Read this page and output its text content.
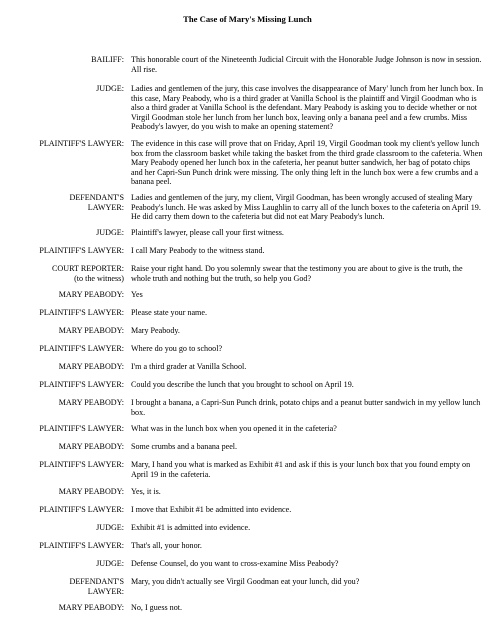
The Case of Mary's Missing Lunch
BAILIFF: This honorable court of the Nineteenth Judicial Circuit with the Honorable Judge Johnson is now in session. All rise.
JUDGE: Ladies and gentlemen of the jury, this case involves the disappearance of Mary' lunch from her lunch box. In this case, Mary Peabody, who is a third grader at Vanilla School is the plaintiff and Virgil Goodman who is also a third grader at Vanilla School is the defendant. Mary Peabody is asking you to decide whether or not Virgil Goodman stole her lunch from her lunch box, leaving only a banana peel and a few crumbs. Miss Peabody's lawyer, do you wish to make an opening statement?
PLAINTIFF'S LAWYER: The evidence in this case will prove that on Friday, April 19, Virgil Goodman took my client's yellow lunch box from the classroom basket while taking the basket from the third grade classroom to the cafeteria. When Mary Peabody opened her lunch box in the cafeteria, her peanut butter sandwich, her bag of potato chips and her Capri-Sun Punch drink were missing. The only thing left in the lunch box were a few crumbs and a banana peel.
DEFENDANT'S
LAWYER:
Ladies and gentlemen of the jury, my client, Virgil Goodman, has been wrongly accused of stealing Mary Peabody's lunch. He was asked by Miss Laughlin to carry all of the lunch boxes to the cafeteria on April 19. He did carry them down to the cafeteria but did not eat Mary Peabody's lunch.
JUDGE: Plaintiff's lawyer, please call your first witness.
PLAINTIFF'S LAWYER: I call Mary Peabody to the witness stand.
COURT REPORTER:
(to the witness)
Raise your right hand. Do you solemnly swear that the testimony you are about to give is the truth, the whole truth and nothing but the truth, so help you God?
MARY PEABODY: Yes
PLAINTIFF'S LAWYER: Please state your name.
MARY PEABODY: Mary Peabody.
PLAINTIFF'S LAWYER: Where do you go to school?
MARY PEABODY: I'm a third grader at Vanilla School.
PLAINTIFF'S LAWYER: Could you describe the lunch that you brought to school on April 19.
MARY PEABODY: I brought a banana, a Capri-Sun Punch drink, potato chips and a peanut butter sandwich in my yellow lunch box.
PLAINTIFF'S LAWYER: What was in the lunch box when you opened it in the cafeteria?
MARY PEABODY: Some crumbs and a banana peel.
PLAINTIFF'S LAWYER: Mary, I hand you what is marked as Exhibit #1 and ask if this is your lunch box that you found empty on April 19 in the cafeteria.
MARY PEABODY: Yes, it is.
PLAINTIFF'S LAWYER: I move that Exhibit #1 be admitted into evidence.
JUDGE: Exhibit #1 is admitted into evidence.
PLAINTIFF'S LAWYER: That's all, your honor.
JUDGE: Defense Counsel, do you want to cross-examine Miss Peabody?
DEFENDANT'S
LAWYER:
Mary, you didn't actually see Virgil Goodman eat your lunch, did you?
MARY PEABODY: No, I guess not.
